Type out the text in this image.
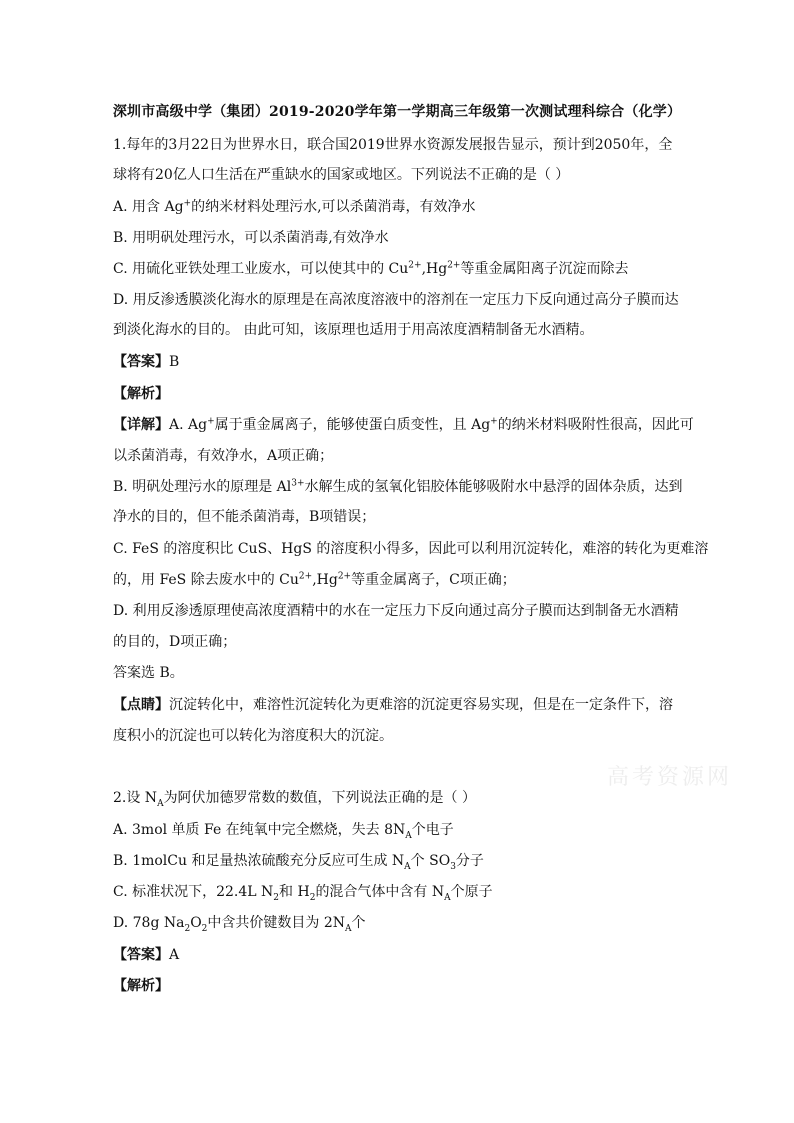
深圳市高级中学（集团）2019-2020学年第一学期高三年级第一次测试理科综合（化学）
1.每年的3月22日为世界水日，联合国2019世界水资源发展报告显示，预计到2050年，全
球将有20亿人口生活在严重缺水的国家或地区。下列说法不正确的是（ ）
A. 用含 Ag+的纳米材料处理污水,可以杀菌消毒，有效净水
B. 用明矾处理污水，可以杀菌消毒,有效净水
C. 用硫化亚铁处理工业废水，可以使其中的 $Cu^{2+},Hg^{2+}$等重金属阳离子沉淀而除去
D. 用反渗透膜淡化海水的原理是在高浓度溶液中的溶剂在一定压力下反向通过高分子膜而达
到淡化海水的目的。 由此可知，该原理也适用于用高浓度酒精制备无水酒精。
【答案】B
【解析】
【详解】A. Ag+属于重金属离子，能够使蛋白质变性，且 Ag+的纳米材料吸附性很高，因此可
以杀菌消毒，有效净水，A项正确；
B. 明矾处理污水的原理是 $Al^{3+}$水解生成的氢氧化铝胶体能够吸附水中悬浮的固体杂质，达到
净水的目的，但不能杀菌消毒，B项错误；
C. FeS 的溶度积比 CuS、HgS 的溶度积小得多，因此可以利用沉淀转化，难溶的转化为更难溶
的，用 FeS 除去废水中的 $Cu^{2+},Hg^{2+}$等重金属离子，C项正确；
D. 利用反渗透原理使高浓度酒精中的水在一定压力下反向通过高分子膜而达到制备无水酒精
的目的，D项正确；
答案选 B。
【点睛】沉淀转化中，难溶性沉淀转化为更难溶的沉淀更容易实现，但是在一定条件下，溶
度积小的沉淀也可以转化为溶度积大的沉淀。
高考资源网
2.设 $N_A$为阿伏加德罗常数的数值，下列说法正确的是（ ）
A. 3mol 单质 Fe 在纯氧中完全燃烧，失去 $8N_A$个电子
B. 1molCu 和足量热浓硫酸充分反应可生成 $N_A$个 $SO_3$分子
C. 标准状况下，22.4L $N_2$和 $H_2$的混合气体中含有 $N_A$个原子
D. 78g $Na_2O_2$中含共价键数目为 $2N_A$个
【答案】A
【解析】
